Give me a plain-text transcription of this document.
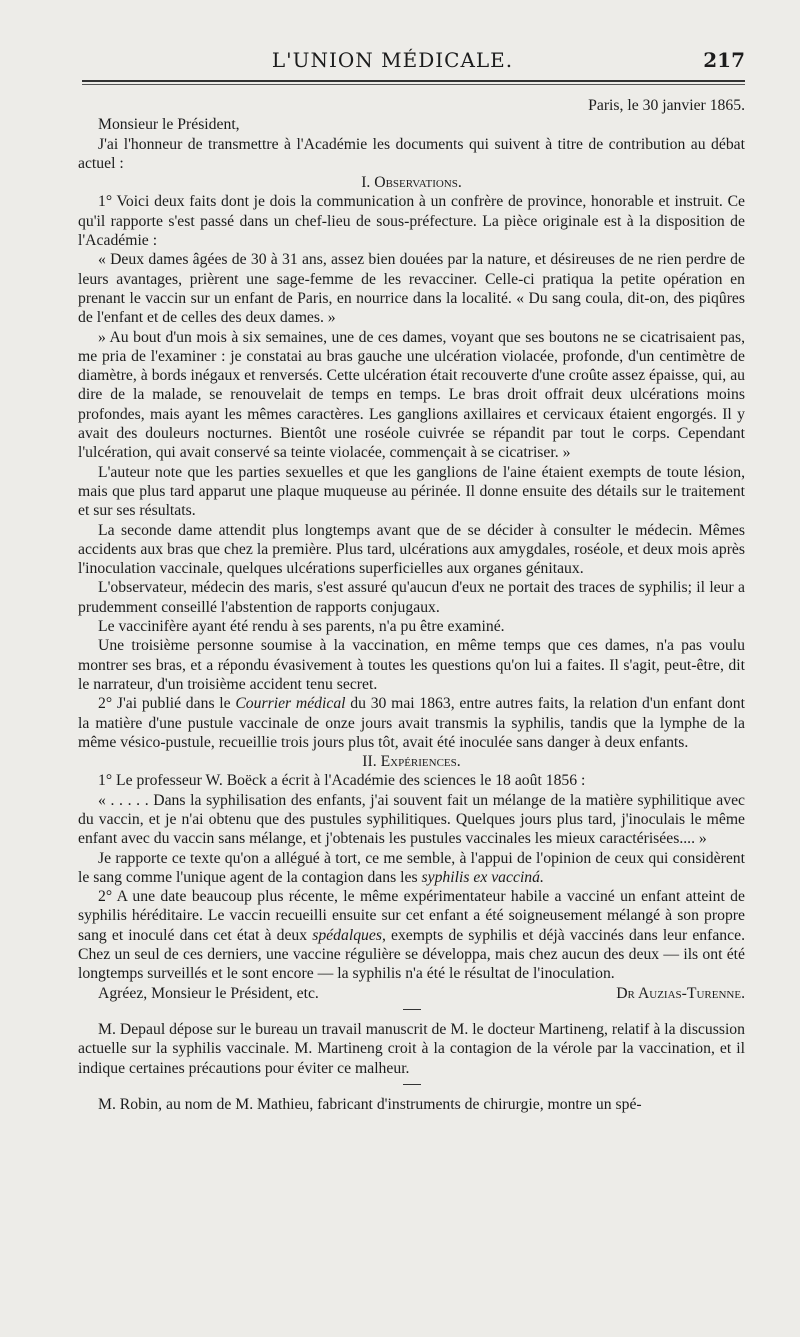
L'UNION MÉDICALE.	217

Paris, le 30 janvier 1865.

Monsieur le Président,

J'ai l'honneur de transmettre à l'Académie les documents qui suivent à titre de contribution au débat actuel :

I. Observations.

1° Voici deux faits dont je dois la communication à un confrère de province, honorable et instruit. Ce qu'il rapporte s'est passé dans un chef-lieu de sous-préfecture. La pièce originale est à la disposition de l'Académie :

« Deux dames âgées de 30 à 31 ans, assez bien douées par la nature, et désireuses de ne rien perdre de leurs avantages, prièrent une sage-femme de les revacciner. Celle-ci pratiqua la petite opération en prenant le vaccin sur un enfant de Paris, en nourrice dans la localité. « Du sang coula, dit-on, des piqûres de l'enfant et de celles des deux dames. »

» Au bout d'un mois à six semaines, une de ces dames, voyant que ses boutons ne se cicatrisaient pas, me pria de l'examiner : je constatai au bras gauche une ulcération violacée, profonde, d'un centimètre de diamètre, à bords inégaux et renversés. Cette ulcération était recouverte d'une croûte assez épaisse, qui, au dire de la malade, se renouvelait de temps en temps. Le bras droit offrait deux ulcérations moins profondes, mais ayant les mêmes caractères. Les ganglions axillaires et cervicaux étaient engorgés. Il y avait des douleurs nocturnes. Bientôt une roséole cuivrée se répandit par tout le corps. Cependant l'ulcération, qui avait conservé sa teinte violacée, commençait à se cicatriser. »

L'auteur note que les parties sexuelles et que les ganglions de l'aine étaient exempts de toute lésion, mais que plus tard apparut une plaque muqueuse au périnée. Il donne ensuite des détails sur le traitement et sur ses résultats.

La seconde dame attendit plus longtemps avant que de se décider à consulter le médecin. Mêmes accidents aux bras que chez la première. Plus tard, ulcérations aux amygdales, roséole, et deux mois après l'inoculation vaccinale, quelques ulcérations superficielles aux organes génitaux.

L'observateur, médecin des maris, s'est assuré qu'aucun d'eux ne portait des traces de syphilis; il leur a prudemment conseillé l'abstention de rapports conjugaux.

Le vaccinifère ayant été rendu à ses parents, n'a pu être examiné.

Une troisième personne soumise à la vaccination, en même temps que ces dames, n'a pas voulu montrer ses bras, et a répondu évasivement à toutes les questions qu'on lui a faites. Il s'agit, peut-être, dit le narrateur, d'un troisième accident tenu secret.

2° J'ai publié dans le Courrier médical du 30 mai 1863, entre autres faits, la relation d'un enfant dont la matière d'une pustule vaccinale de onze jours avait transmis la syphilis, tandis que la lymphe de la même vésico-pustule, recueillie trois jours plus tôt, avait été inoculée sans danger à deux enfants.

II. Expériences.

1° Le professeur W. Boëck a écrit à l'Académie des sciences le 18 août 1856 :

« . . . . . Dans la syphilisation des enfants, j'ai souvent fait un mélange de la matière syphilitique avec du vaccin, et je n'ai obtenu que des pustules syphilitiques. Quelques jours plus tard, j'inoculais le même enfant avec du vaccin sans mélange, et j'obtenais les pustules vaccinales les mieux caractérisées.... »

Je rapporte ce texte qu'on a allégué à tort, ce me semble, à l'appui de l'opinion de ceux qui considèrent le sang comme l'unique agent de la contagion dans les syphilis ex vacciná.

2° A une date beaucoup plus récente, le même expérimentateur habile a vacciné un enfant atteint de syphilis héréditaire. Le vaccin recueilli ensuite sur cet enfant a été soigneusement mélangé à son propre sang et inoculé dans cet état à deux spédalques, exempts de syphilis et déjà vaccinés dans leur enfance. Chez un seul de ces derniers, une vaccine régulière se développa, mais chez aucun des deux — ils ont été longtemps surveillés et le sont encore — la syphilis n'a été le résultat de l'inoculation.

Agréez, Monsieur le Président, etc.	Dr Auzias-Turenne.

M. Depaul dépose sur le bureau un travail manuscrit de M. le docteur Martineng, relatif à la discussion actuelle sur la syphilis vaccinale. M. Martineng croit à la contagion de la vérole par la vaccination, et il indique certaines précautions pour éviter ce malheur.

M. Robin, au nom de M. Mathieu, fabricant d'instruments de chirurgie, montre un spé-
